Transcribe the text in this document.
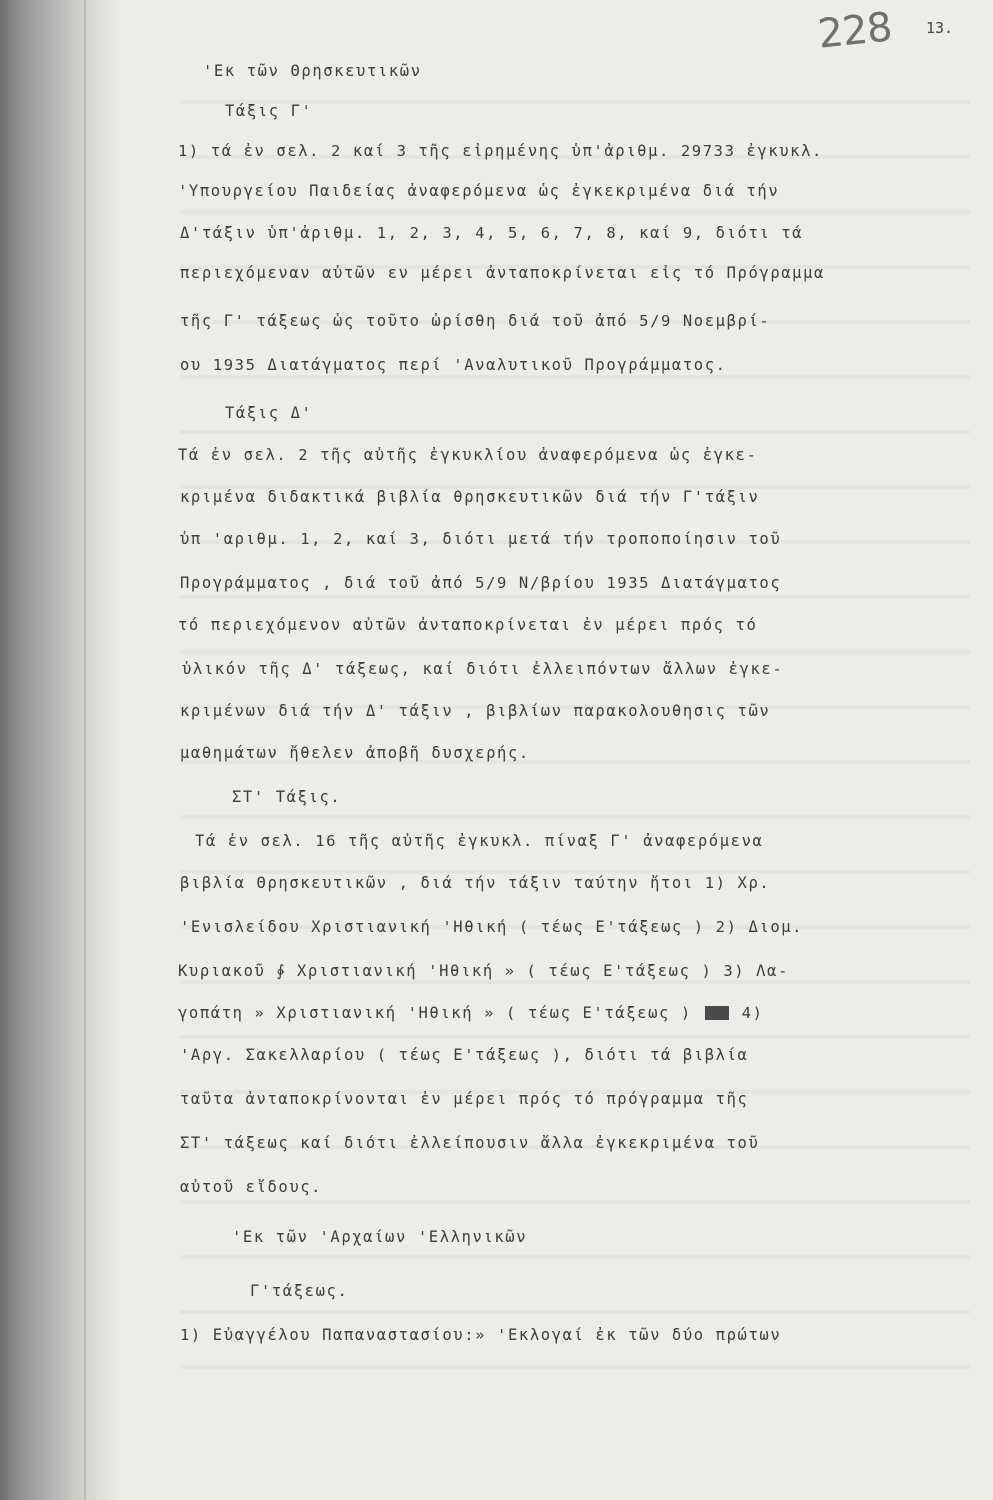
228 13.
'Εκ τῶν Θρησκευτικῶν
Τάξις Γ'
1) τά ἐν σελ. 2 καί 3 τῆς εἰρημένης ὑπ'ἀριθμ. 29733 ἐγκυκλ.
'Υπουργείου Παιδείας ἀναφερόμενα ὡς ἐγκεκριμένα διά τήν
Δ'τάξιν ὑπ'ἀριθμ. 1, 2, 3, 4, 5, 6, 7, 8, καί 9, διότι τά
περιεχόμεναν αὐτῶν εν μέρει ἀνταποκρίνεται εἰς τό Πρόγραμμα
τῆς Γ' τάξεως ὡς τοῦτο ὡρίσθη διά τοῦ ἀπό 5/9 Νοεμβρί-
ου 1935 Διατάγματος περί 'Αναλυτικοῦ Προγράμματος.
Τάξις Δ'
Τά ἐν σελ. 2 τῆς αὐτῆς ἐγκυκλίου ἀναφερόμενα ὡς ἐγκε-
κριμένα διδακτικά βιβλία θρησκευτικῶν διά τήν Γ'τάξιν
ὑπ 'αριθμ. 1, 2, καί 3, διότι μετά τήν τροποποίησιν τοῦ
Προγράμματος , διά τοῦ ἀπό 5/9 Ν/βρίου 1935 Διατάγματος
τό περιεχόμενον αὐτῶν ἀνταποκρίνεται ἐν μέρει πρός τό
ὑλικόν τῆς Δ' τάξεως, καί διότι ἐλλειπόντων ἄλλων ἐγκε-
κριμένων διά τήν Δ' τάξιν , βιβλίων παρακολουθησις τῶν
μαθημάτων ἤθελεν ἀποβῆ δυσχερής.
ΣΤ' Τάξις.
Τά ἐν σελ. 16 τῆς αὐτῆς ἐγκυκλ. πίναξ Γ' ἀναφερόμενα
βιβλία Θρησκευτικῶν , διά τήν τάξιν ταύτην ἤτοι 1) Χρ.
'Ενισλείδου Χριστιανική 'Ηθική ( τέως Ε'τάξεως ) 2) Διομ.
Κυριακοῦ ∳ Χριστιανική 'Ηθική » ( τέως Ε'τάξεως ) 3) Λα-
γοπάτη » Χριστιανική 'Ηθική » ( τέως Ε'τάξεως )	4)
'Αργ. Σακελλαρίου ( τέως Ε'τάξεως ), διότι τά βιβλία
ταῦτα ἀνταποκρίνονται ἐν μέρει πρός τό πρόγραμμα τῆς
ΣΤ' τάξεως καί διότι ἐλλείπουσιν ἄλλα ἐγκεκριμένα τοῦ
αὐτοῦ εἴδους.
'Εκ τῶν 'Αρχαίων 'Ελληνικῶν
Γ'τάξεως.
1) Εὐαγγέλου Παπαναστασίου:» 'Εκλογαί ἐκ τῶν δύο πρώτων
